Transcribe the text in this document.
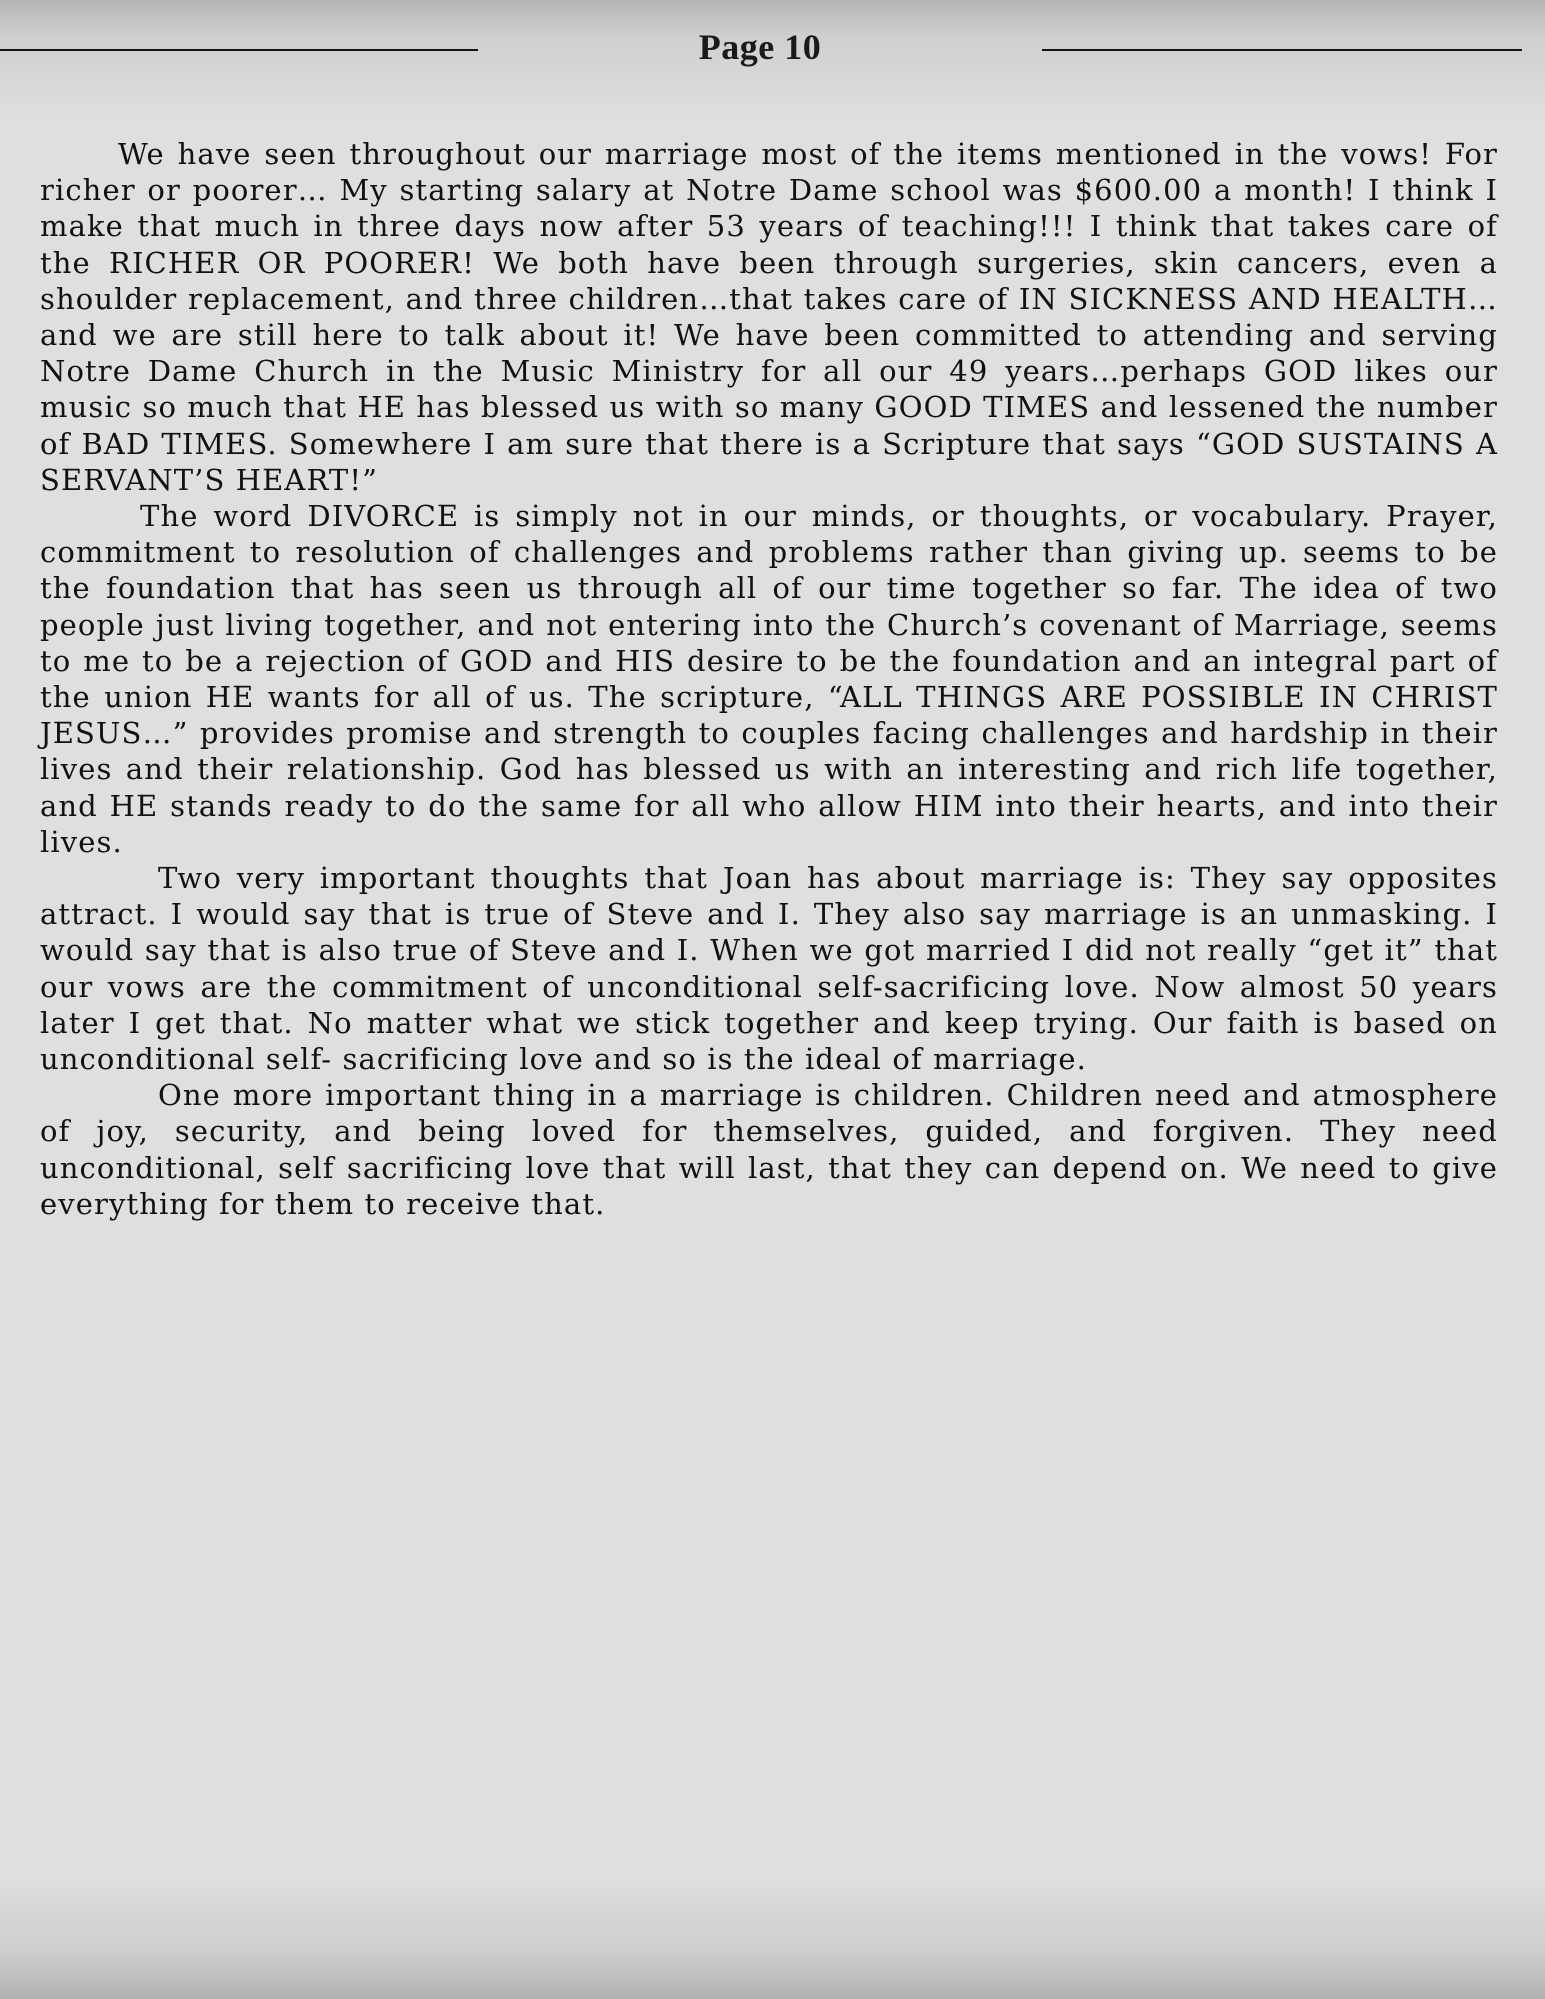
Page 10

We have seen throughout our marriage most of the items mentioned in the vows! For richer or poorer… My starting salary at Notre Dame school was $600.00 a month! I think I make that much in three days now after 53 years of teaching!!! I think that takes care of the RICHER OR POORER! We both have been through surgeries, skin cancers, even a shoulder replacement, and three children…that takes care of IN SICKNESS AND HEALTH…and we are still here to talk about it! We have been committed to attending and serving Notre Dame Church in the Music Ministry for all our 49 years…perhaps GOD likes our music so much that HE has blessed us with so many GOOD TIMES and lessened the number of BAD TIMES. Somewhere I am sure that there is a Scripture that says “GOD SUSTAINS A SERVANT’S HEART!”

The word DIVORCE is simply not in our minds, or thoughts, or vocabulary. Prayer, commitment to resolution of challenges and problems rather than giving up. seems to be the foundation that has seen us through all of our time together so far. The idea of two people just living together, and not entering into the Church’s covenant of Marriage, seems to me to be a rejection of GOD and HIS desire to be the foundation and an integral part of the union HE wants for all of us. The scripture, “ALL THINGS ARE POSSIBLE IN CHRIST JESUS…” provides promise and strength to couples facing challenges and hardship in their lives and their relationship. God has blessed us with an interesting and rich life together, and HE stands ready to do the same for all who allow HIM into their hearts, and into their lives.

Two very important thoughts that Joan has about marriage is: They say opposites attract. I would say that is true of Steve and I. They also say marriage is an unmasking. I would say that is also true of Steve and I. When we got married I did not really “get it” that our vows are the commitment of unconditional self-sacrificing love. Now almost 50 years later I get that. No matter what we stick together and keep trying. Our faith is based on unconditional self- sacrificing love and so is the ideal of marriage.

One more important thing in a marriage is children. Children need and atmosphere of joy, security, and being loved for themselves, guided, and forgiven. They need unconditional, self sacrificing love that will last, that they can depend on. We need to give everything for them to receive that.
